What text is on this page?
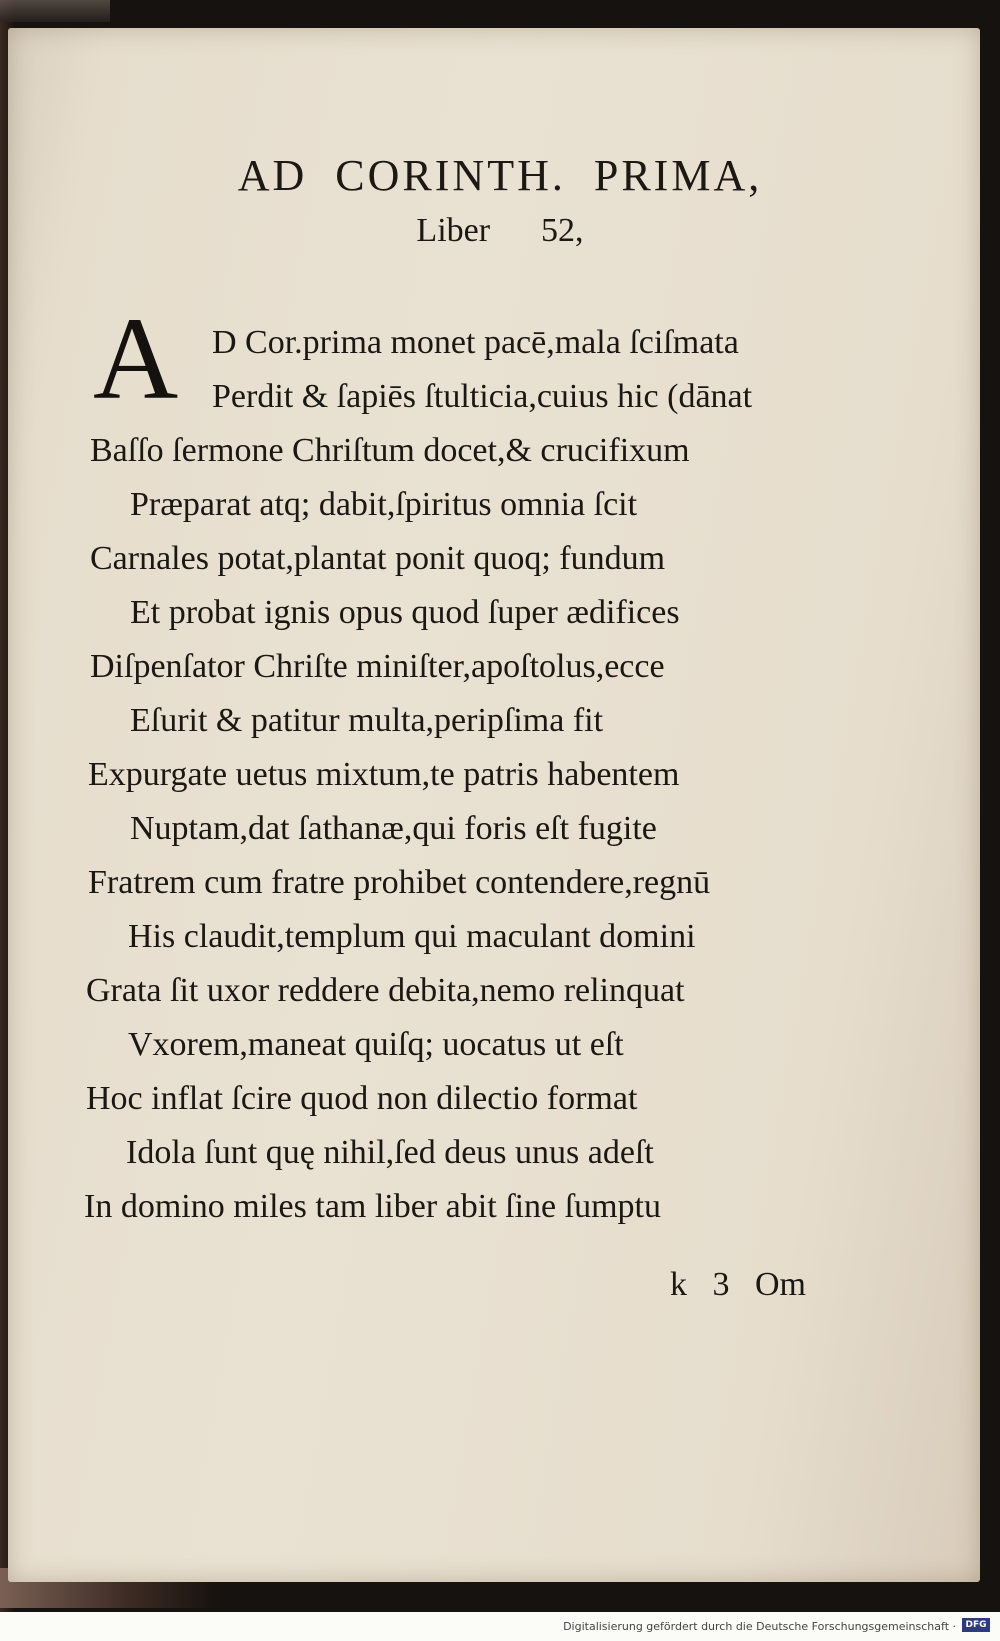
AD  CORINTH.  PRIMA,
Liber      52,
A D Cor.prima monet pacē,mala ſciſmata
Perdit & ſapiēs ſtulticia,cuius hic (dānat
Baſſo ſermone Chriſtum docet,& crucifixum
Præparat atq; dabit,ſpiritus omnia ſcit
Carnales potat,plantat ponit quoq; fundum
Et probat ignis opus quod ſuper ædifices
Diſpenſator Chriſte miniſter,apoſtolus,ecce
Eſurit & patitur multa,peripſima fit
Expurgate uetus mixtum,te patris habentem
Nuptam,dat ſathanæ,qui foris eſt fugite
Fratrem cum fratre prohibet contendere,regnū
His claudit,templum qui maculant domini
Grata ſit uxor reddere debita,nemo relinquat
Vxorem,maneat quiſq; uocatus ut eſt
Hoc inflat ſcire quod non dilectio format
Idola ſunt quę nihil,ſed deus unus adeſt
In domino miles tam liber abit ſine ſumptu
k   3   Om
Digitalisierung gefördert durch die Deutsche Forschungsgemeinschaft ·	DFG
